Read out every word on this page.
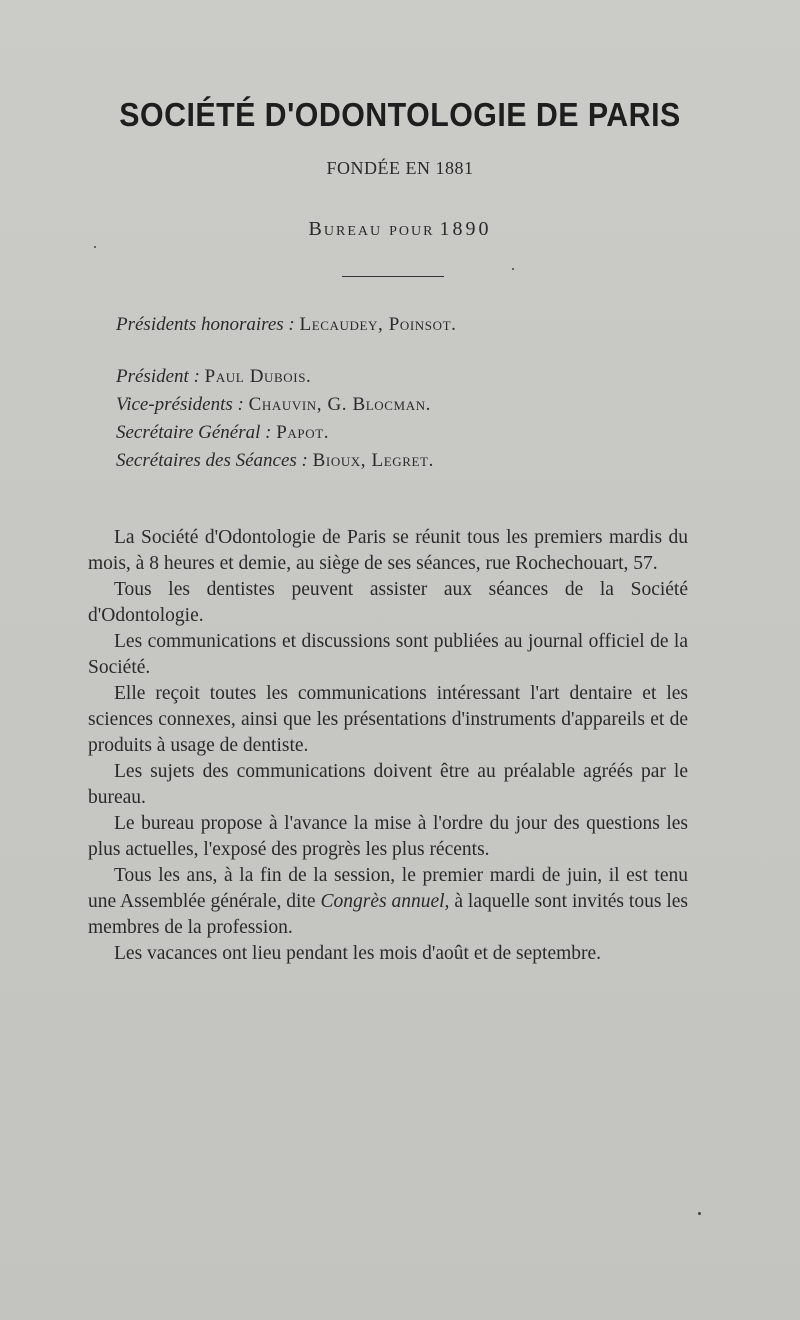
SOCIÉTÉ D'ODONTOLOGIE DE PARIS
FONDÉE EN 1881
Bureau pour 1890
Présidents honoraires : Lecaudey, Poinsot.
Président : Paul Dubois.
Vice-présidents : Chauvin, G. Blocman.
Secrétaire Général : Papot.
Secrétaires des Séances : Bioux, Legret.

La Société d'Odontologie de Paris se réunit tous les premiers mardis du mois, à 8 heures et demie, au siège de ses séances, rue Rochechouart, 57.

Tous les dentistes peuvent assister aux séances de la Société d'Odontologie.

Les communications et discussions sont publiées au journal officiel de la Société.

Elle reçoit toutes les communications intéressant l'art dentaire et les sciences connexes, ainsi que les présentations d'instruments d'appareils et de produits à usage de dentiste.

Les sujets des communications doivent être au préalable agréés par le bureau.

Le bureau propose à l'avance la mise à l'ordre du jour des questions les plus actuelles, l'exposé des progrès les plus récents.

Tous les ans, à la fin de la session, le premier mardi de juin, il est tenu une Assemblée générale, dite Congrès annuel, à laquelle sont invités tous les membres de la profession.

Les vacances ont lieu pendant les mois d'août et de septembre.
